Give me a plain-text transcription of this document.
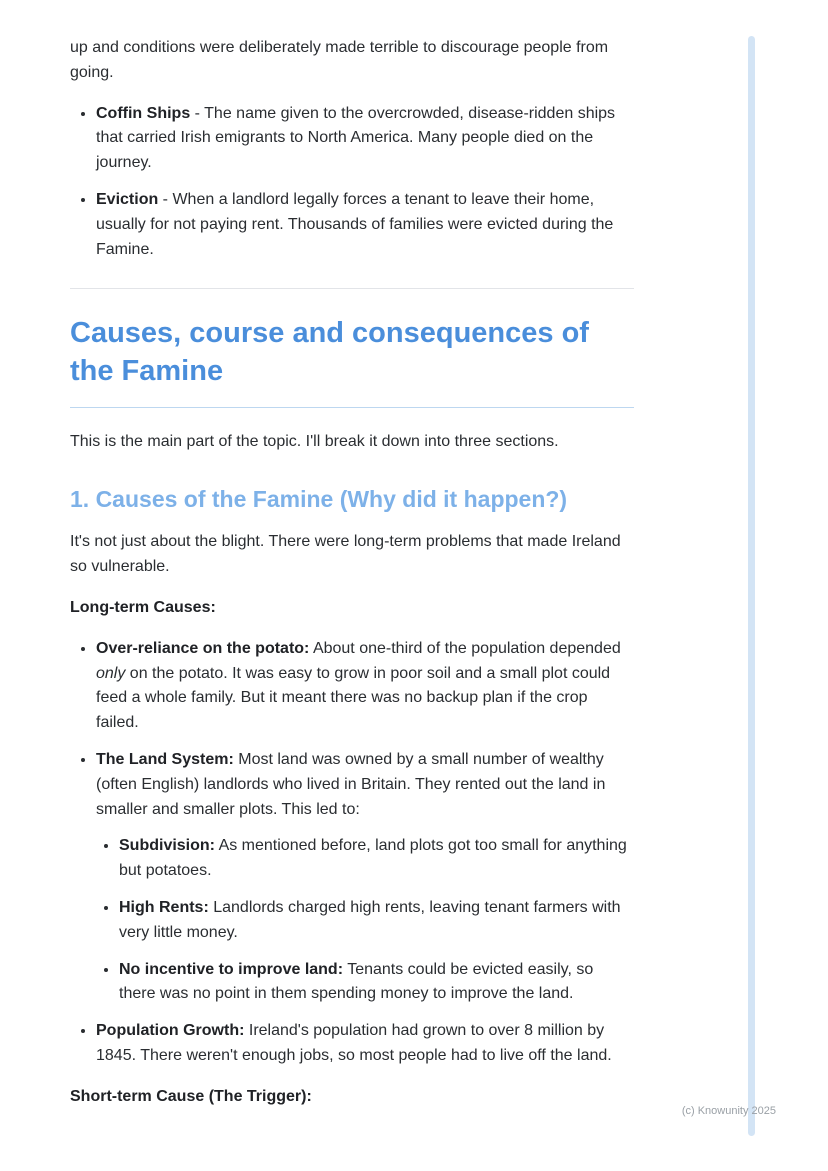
up and conditions were deliberately made terrible to discourage people from going.

• Coffin Ships - The name given to the overcrowded, disease-ridden ships that carried Irish emigrants to North America. Many people died on the journey.
• Eviction - When a landlord legally forces a tenant to leave their home, usually for not paying rent. Thousands of families were evicted during the Famine.
Causes, course and consequences of the Famine

This is the main part of the topic. I'll break it down into three sections.

1. Causes of the Famine (Why did it happen?)

It's not just about the blight. There were long-term problems that made Ireland so vulnerable.

Long-term Causes:

• Over-reliance on the potato: About one-third of the population depended only on the potato. It was easy to grow in poor soil and a small plot could feed a whole family. But it meant there was no backup plan if the crop failed.
• The Land System: Most land was owned by a small number of wealthy (often English) landlords who lived in Britain. They rented out the land in smaller and smaller plots. This led to:
• Subdivision: As mentioned before, land plots got too small for anything but potatoes.
• High Rents: Landlords charged high rents, leaving tenant farmers with very little money.
• No incentive to improve land: Tenants could be evicted easily, so there was no point in them spending money to improve the land.
• Population Growth: Ireland's population had grown to over 8 million by 1845. There weren't enough jobs, so most people had to live off the land.

Short-term Cause (The Trigger):

(c) Knowunity 2025
